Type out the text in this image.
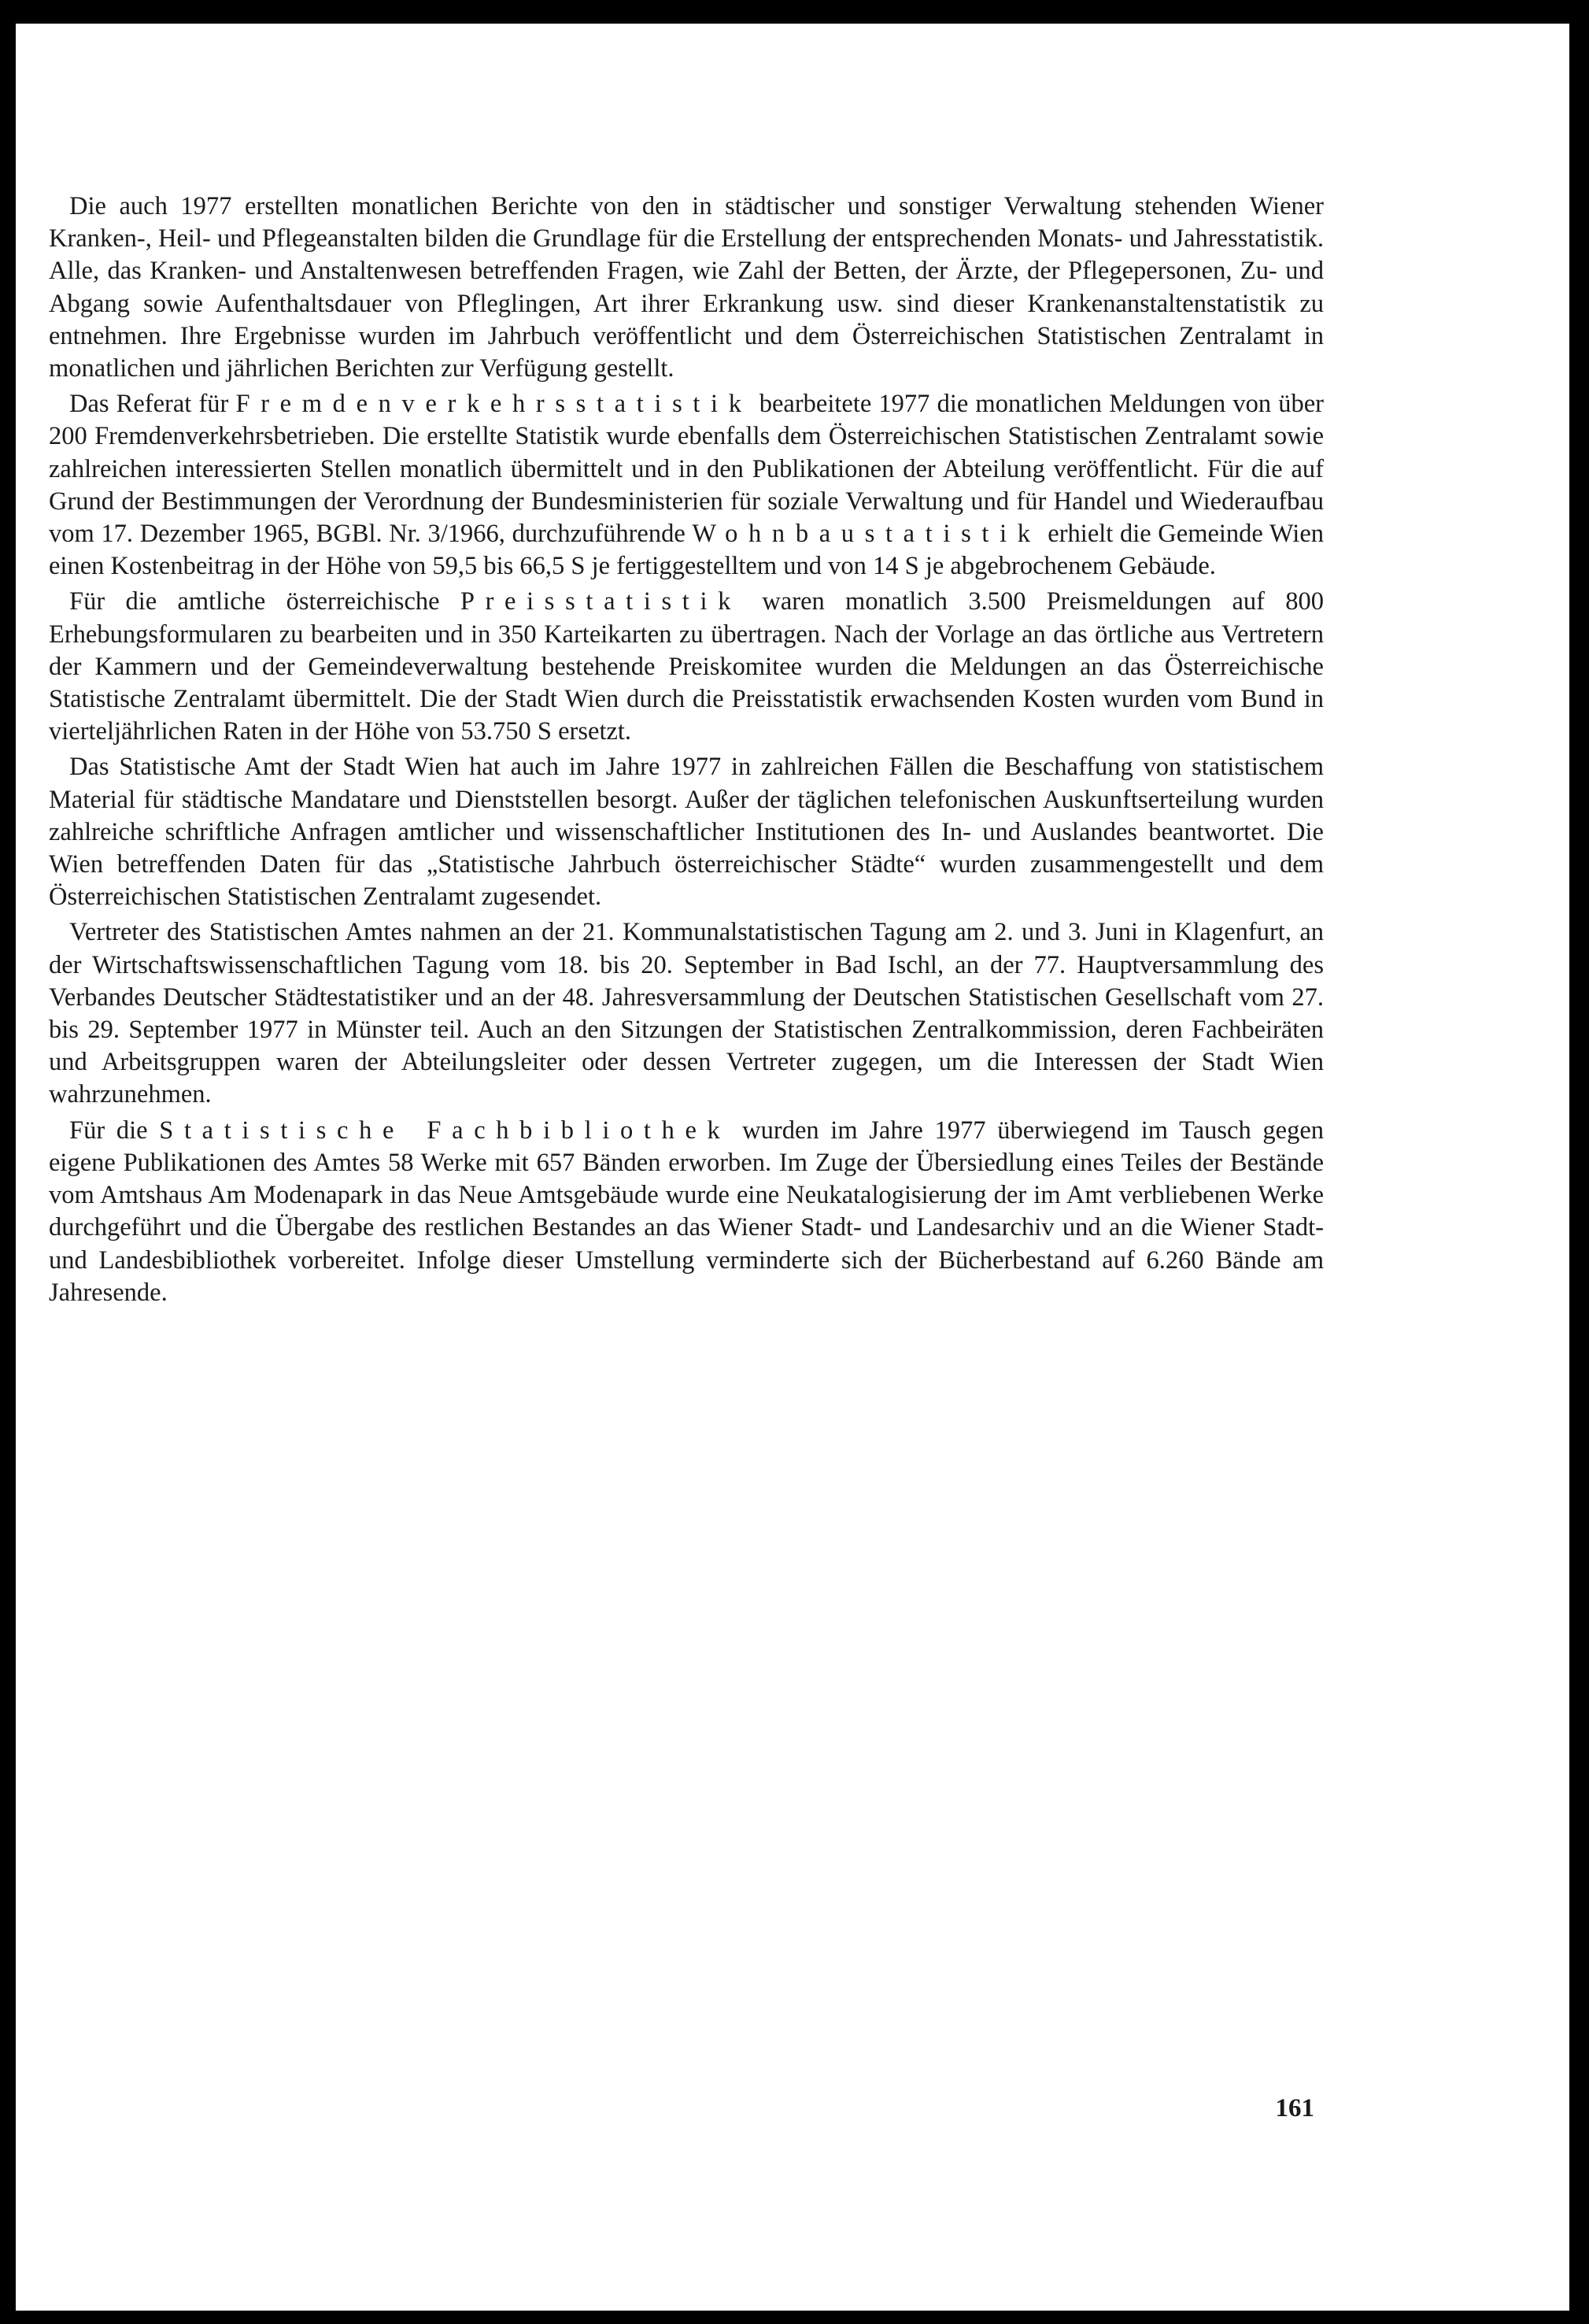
Die auch 1977 erstellten monatlichen Berichte von den in städtischer und sonstiger Verwaltung stehenden Wiener Kranken-, Heil- und Pflegeanstalten bilden die Grundlage für die Erstellung der entsprechenden Monats- und Jahresstatistik. Alle, das Kranken- und Anstaltenwesen betreffenden Fragen, wie Zahl der Betten, der Ärzte, der Pflegepersonen, Zu- und Abgang sowie Aufenthaltsdauer von Pfleglingen, Art ihrer Erkrankung usw. sind dieser Krankenanstaltenstatistik zu entnehmen. Ihre Ergebnisse wurden im Jahrbuch veröffentlicht und dem Österreichischen Statistischen Zentralamt in monatlichen und jährlichen Berichten zur Verfügung gestellt.

Das Referat für Fremdenverkehrsstatistik bearbeitete 1977 die monatlichen Meldungen von über 200 Fremdenverkehrsbetrieben. Die erstellte Statistik wurde ebenfalls dem Österreichischen Statistischen Zentralamt sowie zahlreichen interessierten Stellen monatlich übermittelt und in den Publikationen der Abteilung veröffentlicht. Für die auf Grund der Bestimmungen der Verordnung der Bundesministerien für soziale Verwaltung und für Handel und Wiederaufbau vom 17. Dezember 1965, BGBl. Nr. 3/1966, durchzuführende Wohnbaustatistik erhielt die Gemeinde Wien einen Kostenbeitrag in der Höhe von 59,5 bis 66,5 S je fertiggestelltem und von 14 S je abgebrochenem Gebäude.

Für die amtliche österreichische Preisstatistik waren monatlich 3.500 Preismeldungen auf 800 Erhebungsformularen zu bearbeiten und in 350 Karteikarten zu übertragen. Nach der Vorlage an das örtliche aus Vertretern der Kammern und der Gemeindeverwaltung bestehende Preiskomitee wurden die Meldungen an das Österreichische Statistische Zentralamt übermittelt. Die der Stadt Wien durch die Preisstatistik erwachsenden Kosten wurden vom Bund in vierteljährlichen Raten in der Höhe von 53.750 S ersetzt.

Das Statistische Amt der Stadt Wien hat auch im Jahre 1977 in zahlreichen Fällen die Beschaffung von statistischem Material für städtische Mandatare und Dienststellen besorgt. Außer der täglichen telefonischen Auskunftserteilung wurden zahlreiche schriftliche Anfragen amtlicher und wissenschaftlicher Institutionen des In- und Auslandes beantwortet. Die Wien betreffenden Daten für das „Statistische Jahrbuch österreichischer Städte“ wurden zusammengestellt und dem Österreichischen Statistischen Zentralamt zugesendet.

Vertreter des Statistischen Amtes nahmen an der 21. Kommunalstatistischen Tagung am 2. und 3. Juni in Klagenfurt, an der Wirtschaftswissenschaftlichen Tagung vom 18. bis 20. September in Bad Ischl, an der 77. Hauptversammlung des Verbandes Deutscher Städtestatistiker und an der 48. Jahresversammlung der Deutschen Statistischen Gesellschaft vom 27. bis 29. September 1977 in Münster teil. Auch an den Sitzungen der Statistischen Zentralkommission, deren Fachbeiräten und Arbeitsgruppen waren der Abteilungsleiter oder dessen Vertreter zugegen, um die Interessen der Stadt Wien wahrzunehmen.

Für die Statistische Fachbibliothek wurden im Jahre 1977 überwiegend im Tausch gegen eigene Publikationen des Amtes 58 Werke mit 657 Bänden erworben. Im Zuge der Übersiedlung eines Teiles der Bestände vom Amtshaus Am Modenapark in das Neue Amtsgebäude wurde eine Neukatalogisierung der im Amt verbliebenen Werke durchgeführt und die Übergabe des restlichen Bestandes an das Wiener Stadt- und Landesarchiv und an die Wiener Stadt- und Landesbibliothek vorbereitet. Infolge dieser Umstellung verminderte sich der Bücherbestand auf 6.260 Bände am Jahresende.

161
